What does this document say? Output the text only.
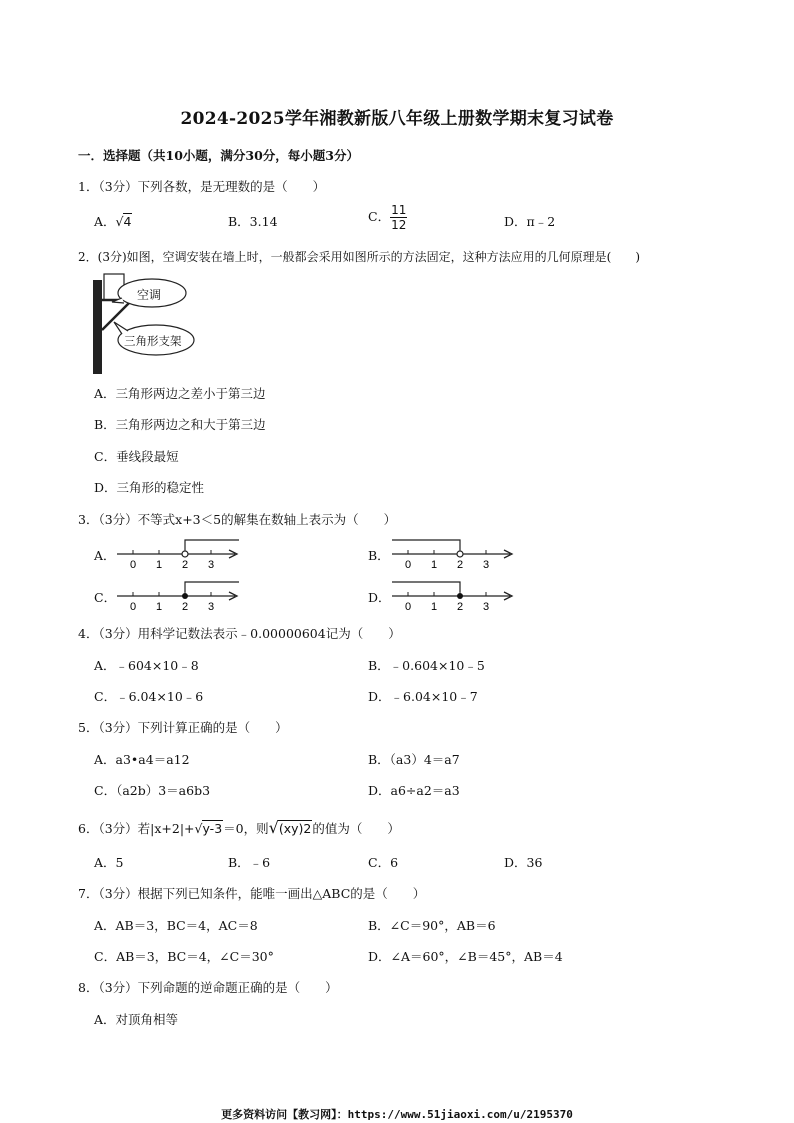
2024-2025学年湘教新版八年级上册数学期末复习试卷
一．选择题（共10小题，满分30分，每小题3分）
1．（3分）下列各数，是无理数的是（　　）
A．√4	B．3.14	C． $\frac{11}{12}$	D．π﹣2
2．(3分)如图，空调安装在墙上时，一般都会采用如图所示的方法固定，这种方法应用的几何原理是(　　)
空调
三角形支架
A．三角形两边之差小于第三边
B．三角形两边之和大于第三边
C．垂线段最短
D．三角形的稳定性
3．（3分）不等式x+3＜5的解集在数轴上表示为（　　）
A．	B．
C．	D．
0 1 2 3	0 1 2 3
0 1 2 3	0 1 2 3
4．（3分）用科学记数法表示﹣0.00000604记为（　　）
A．﹣604×10﹣8	B．﹣0.604×10﹣5
C．﹣6.04×10﹣6	D．﹣6.04×10﹣7
5．（3分）下列计算正确的是（　　）
A．a3•a4＝a12	B．（a3）4＝a7
C．（a2b）3＝a6b3	D．a6÷a2＝a3
6．（3分）若|x+2|+√y-3＝0，则√(xy)2的值为（　　）
A．5	B．﹣6	C．6	D．36
7．（3分）根据下列已知条件，能唯一画出△ABC的是（　　）
A．AB＝3，BC＝4，AC＝8	B．∠C＝90°，AB＝6
C．AB＝3，BC＝4，∠C＝30°	D．∠A＝60°，∠B＝45°，AB＝4
8．（3分）下列命题的逆命题正确的是（　　）
A．对顶角相等
更多资料访问【教习网】：https://www.51jiaoxi.com/u/2195370
